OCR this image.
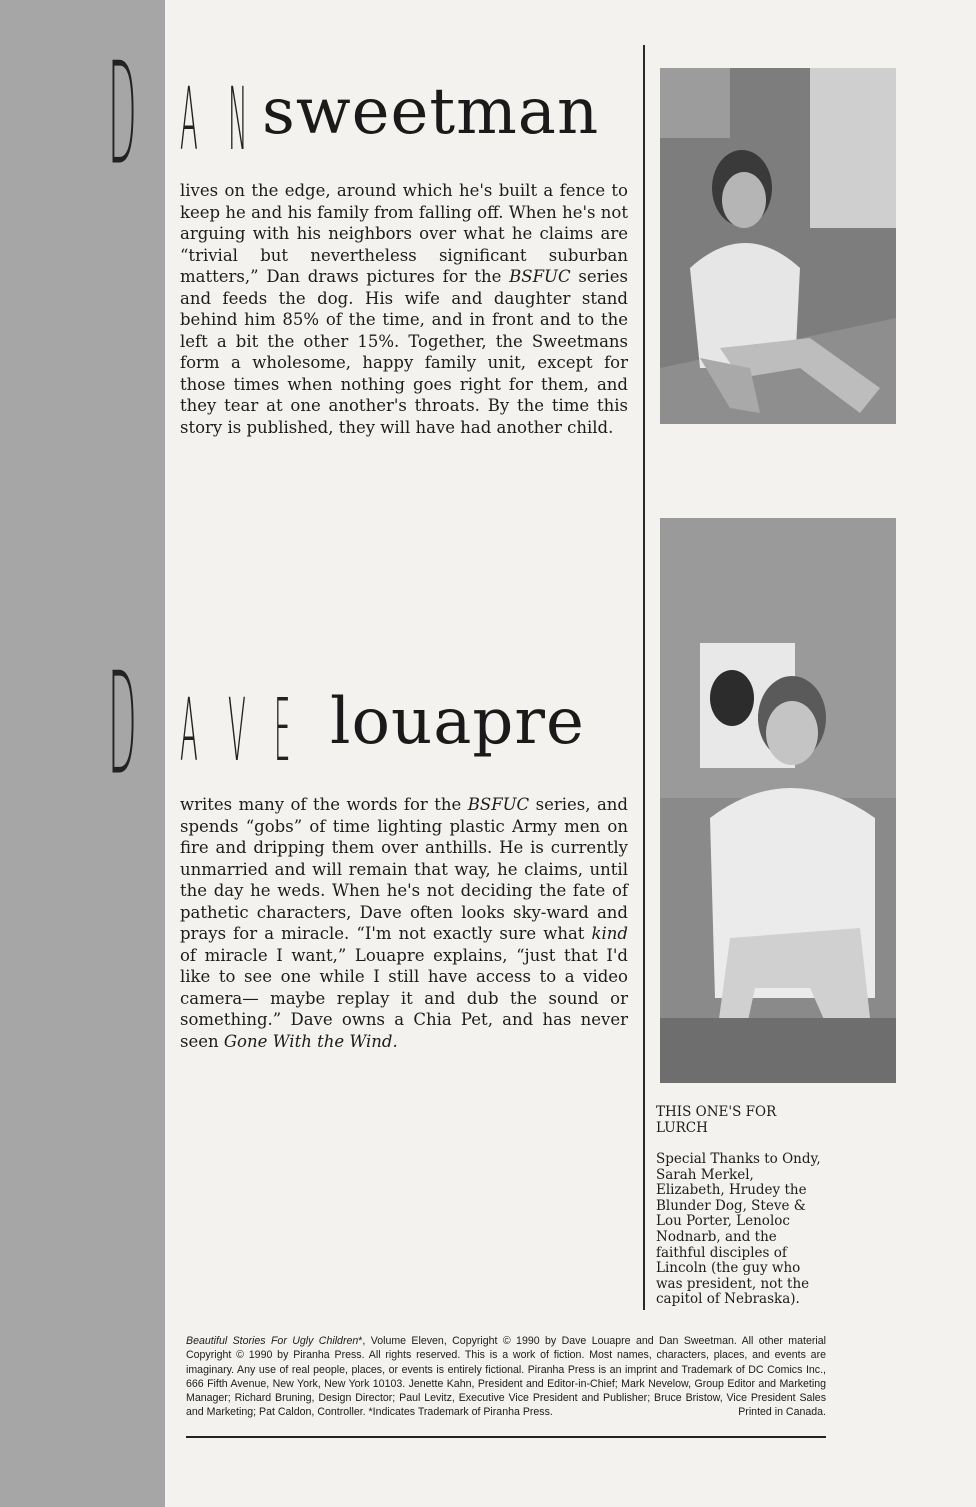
D A N sweetman

lives on the edge, around which he's built a fence to keep he and his family from falling off. When he's not arguing with his neighbors over what he claims are “trivial but nevertheless significant suburban matters,” Dan draws pictures for the BSFUC series and feeds the dog. His wife and daughter stand behind him 85% of the time, and in front and to the left a bit the other 15%. Together, the Sweetmans form a wholesome, happy family unit, except for those times when nothing goes right for them, and they tear at one another's throats. By the time this story is published, they will have had another child.

D A V E louapre

writes many of the words for the BSFUC series, and spends “gobs” of time lighting plastic Army men on fire and dripping them over anthills. He is currently unmarried and will remain that way, he claims, until the day he weds. When he's not deciding the fate of pathetic characters, Dave often looks sky-ward and prays for a miracle. “I'm not exactly sure what kind of miracle I want,” Louapre explains, “just that I'd like to see one while I still have access to a video camera— maybe replay it and dub the sound or something.” Dave owns a Chia Pet, and has never seen Gone With the Wind.

THIS ONE'S FOR LURCH

Special Thanks to Ondy, Sarah Merkel, Elizabeth, Hrudey the Blunder Dog, Steve & Lou Porter, Lenoloc Nodnarb, and the faithful disciples of Lincoln (the guy who was president, not the capitol of Nebraska).

Beautiful Stories For Ugly Children*, Volume Eleven, Copyright © 1990 by Dave Louapre and Dan Sweetman. All other material Copyright © 1990 by Piranha Press. All rights reserved. This is a work of fiction. Most names, characters, places, and events are imaginary. Any use of real people, places, or events is entirely fictional. Piranha Press is an imprint and Trademark of DC Comics Inc., 666 Fifth Avenue, New York, New York 10103. Jenette Kahn, President and Editor-in-Chief; Mark Nevelow, Group Editor and Marketing Manager; Richard Bruning, Design Director; Paul Levitz, Executive Vice President and Publisher; Bruce Bristow, Vice President Sales and Marketing; Pat Caldon, Controller. *Indicates Trademark of Piranha Press.	Printed in Canada.
